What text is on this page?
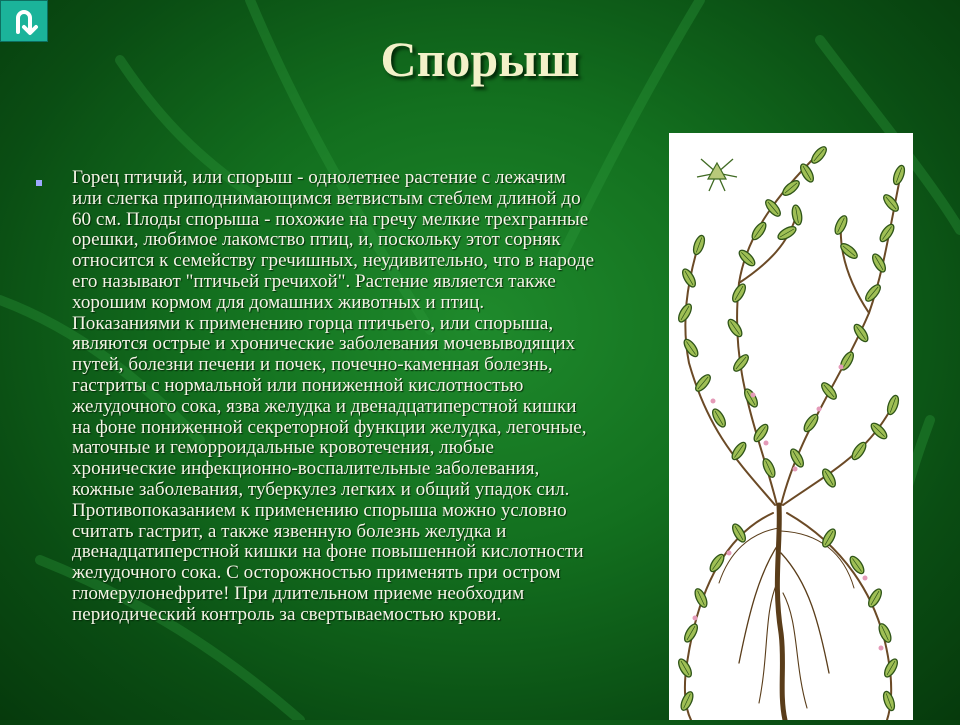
Спорыш

Горец птичий, или спорыш - однолетнее растение с лежачим или слегка приподнимающимся ветвистым стеблем длиной до 60 см. Плоды спорыша - похожие на гречу мелкие трехгранные орешки, любимое лакомство птиц, и, поскольку этот сорняк относится к семейству гречишных, неудивительно, что в народе его называют "птичьей гречихой". Растение является также хорошим кормом для домашних животных и птиц. Показаниями к применению горца птичьего, или спорыша, являются острые и хронические заболевания мочевыводящих путей, болезни печени и почек, почечно-каменная болезнь, гастриты с нормальной или пониженной кислотностью желудочного сока, язва желудка и двенадцатиперстной кишки на фоне пониженной секреторной функции желудка, легочные, маточные и геморроидальные кровотечения, любые хронические инфекционно-воспалительные заболевания, кожные заболевания, туберкулез легких и общий упадок сил. Противопоказанием к применению спорыша можно условно считать гастрит, а также язвенную болезнь желудка и двенадцатиперстной кишки на фоне повышенной кислотности желудочного сока. С осторожностью применять при остром гломерулонефрите! При длительном приеме необходим периодический контроль за свертываемостью крови.
